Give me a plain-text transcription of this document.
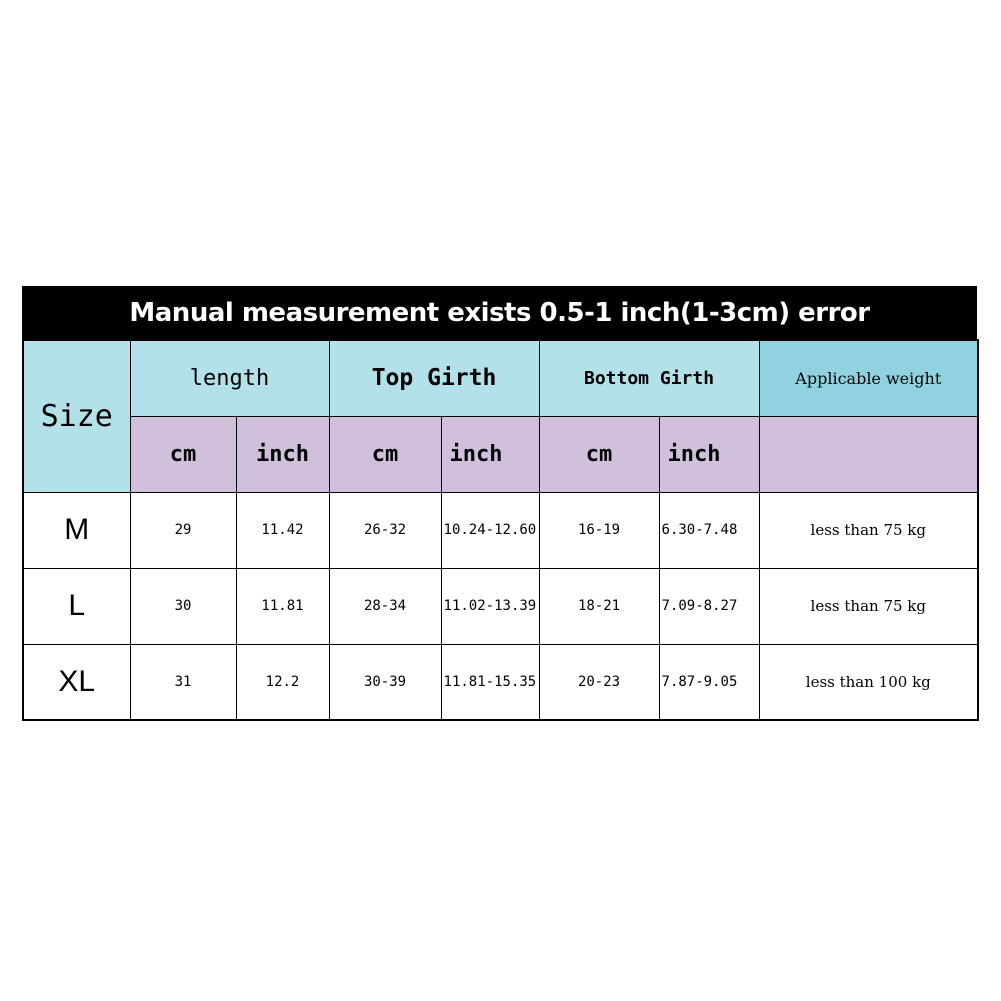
Manual measurement exists 0.5-1 inch(1-3cm) error
Size	length		Top Girth		Bottom Girth		Applicable weight
	cm	inch	cm	inch	cm	inch	
M	29	11.42	26-32	10.24-12.60	16-19	6.30-7.48	less than 75 kg
L	30	11.81	28-34	11.02-13.39	18-21	7.09-8.27	less than 75 kg
XL	31	12.2	30-39	11.81-15.35	20-23	7.87-9.05	less than 100 kg
